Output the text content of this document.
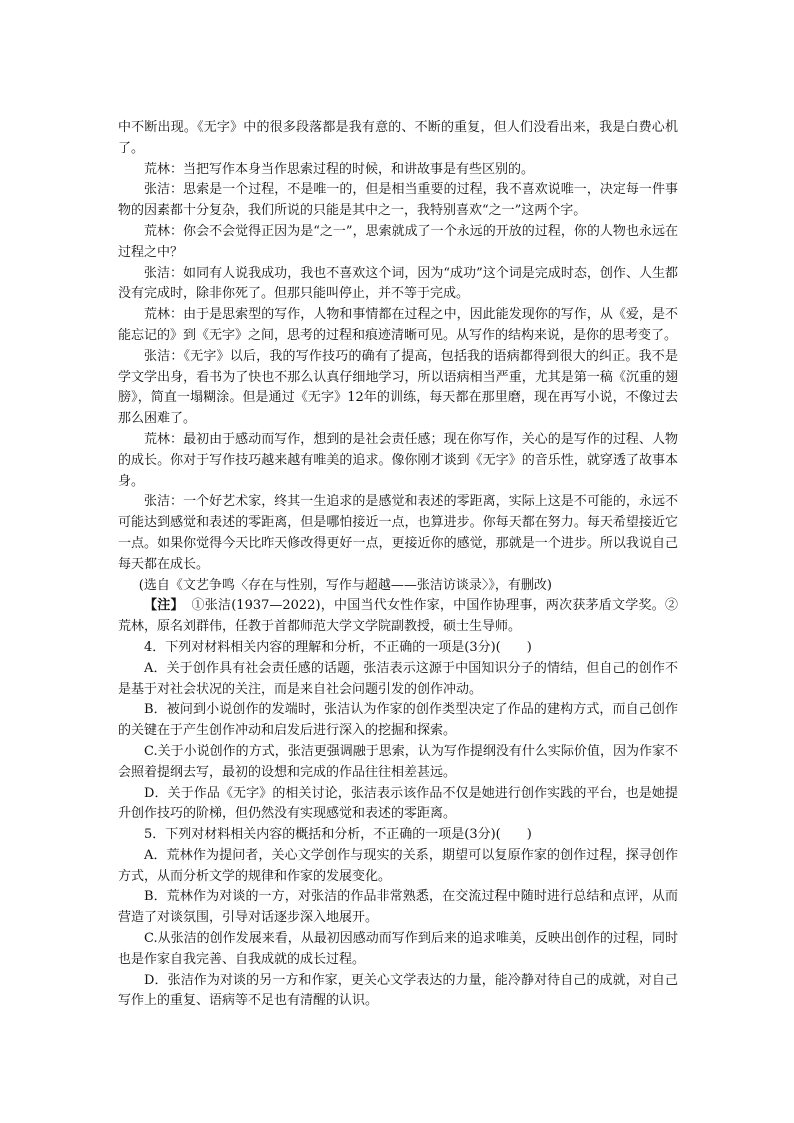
中不断出现。《无字》中的很多段落都是我有意的、不断的重复，但人们没看出来，我是白费心机了。

荒林：当把写作本身当作思索过程的时候，和讲故事是有些区别的。

张洁：思索是一个过程，不是唯一的，但是相当重要的过程，我不喜欢说唯一，决定每一件事物的因素都十分复杂，我们所说的只能是其中之一，我特别喜欢“之一”这两个字。

荒林：你会不会觉得正因为是“之一”，思索就成了一个永远的开放的过程，你的人物也永远在过程之中？

张洁：如同有人说我成功，我也不喜欢这个词，因为“成功”这个词是完成时态，创作、人生都没有完成时，除非你死了。但那只能叫停止，并不等于完成。

荒林：由于是思索型的写作，人物和事情都在过程之中，因此能发现你的写作，从《爱，是不能忘记的》到《无字》之间，思考的过程和痕迹清晰可见。从写作的结构来说，是你的思考变了。

张洁：《无字》以后，我的写作技巧的确有了提高，包括我的语病都得到很大的纠正。我不是学文学出身，看书为了快也不那么认真仔细地学习，所以语病相当严重，尤其是第一稿《沉重的翅膀》，简直一塌糊涂。但是通过《无字》12年的训练，每天都在那里磨，现在再写小说，不像过去那么困难了。

荒林：最初由于感动而写作，想到的是社会责任感；现在你写作，关心的是写作的过程、人物的成长。你对于写作技巧越来越有唯美的追求。像你刚才谈到《无字》的音乐性，就穿透了故事本身。

张洁：一个好艺术家，终其一生追求的是感觉和表述的零距离，实际上这是不可能的，永远不可能达到感觉和表述的零距离，但是哪怕接近一点，也算进步。你每天都在努力。每天希望接近它一点。如果你觉得今天比昨天修改得更好一点，更接近你的感觉，那就是一个进步。所以我说自己每天都在成长。

(选自《文艺争鸣〈存在与性别，写作与超越——张洁访谈录〉》，有删改)

【注】 ①张洁(1937—2022)，中国当代女性作家，中国作协理事，两次获茅盾文学奖。②荒林，原名刘群伟，任教于首都师范大学文学院副教授，硕士生导师。

4．下列对材料相关内容的理解和分析，不正确的一项是(3分)(　　)

A．关于创作具有社会责任感的话题，张洁表示这源于中国知识分子的情结，但自己的创作不是基于对社会状况的关注，而是来自社会问题引发的创作冲动。

B．被问到小说创作的发端时，张洁认为作家的创作类型决定了作品的建构方式，而自己创作的关键在于产生创作冲动和启发后进行深入的挖掘和探索。

C.关于小说创作的方式，张洁更强调融于思索，认为写作提纲没有什么实际价值，因为作家不会照着提纲去写，最初的设想和完成的作品往往相差甚远。

D．关于作品《无字》的相关讨论，张洁表示该作品不仅是她进行创作实践的平台，也是她提升创作技巧的阶梯，但仍然没有实现感觉和表述的零距离。

5．下列对材料相关内容的概括和分析，不正确的一项是(3分)(　　)

A．荒林作为提问者，关心文学创作与现实的关系，期望可以复原作家的创作过程，探寻创作方式，从而分析文学的规律和作家的发展变化。

B．荒林作为对谈的一方，对张洁的作品非常熟悉，在交流过程中随时进行总结和点评，从而营造了对谈氛围，引导对话逐步深入地展开。

C.从张洁的创作发展来看，从最初因感动而写作到后来的追求唯美，反映出创作的过程，同时也是作家自我完善、自我成就的成长过程。

D．张洁作为对谈的另一方和作家，更关心文学表达的力量，能冷静对待自己的成就，对自己写作上的重复、语病等不足也有清醒的认识。
